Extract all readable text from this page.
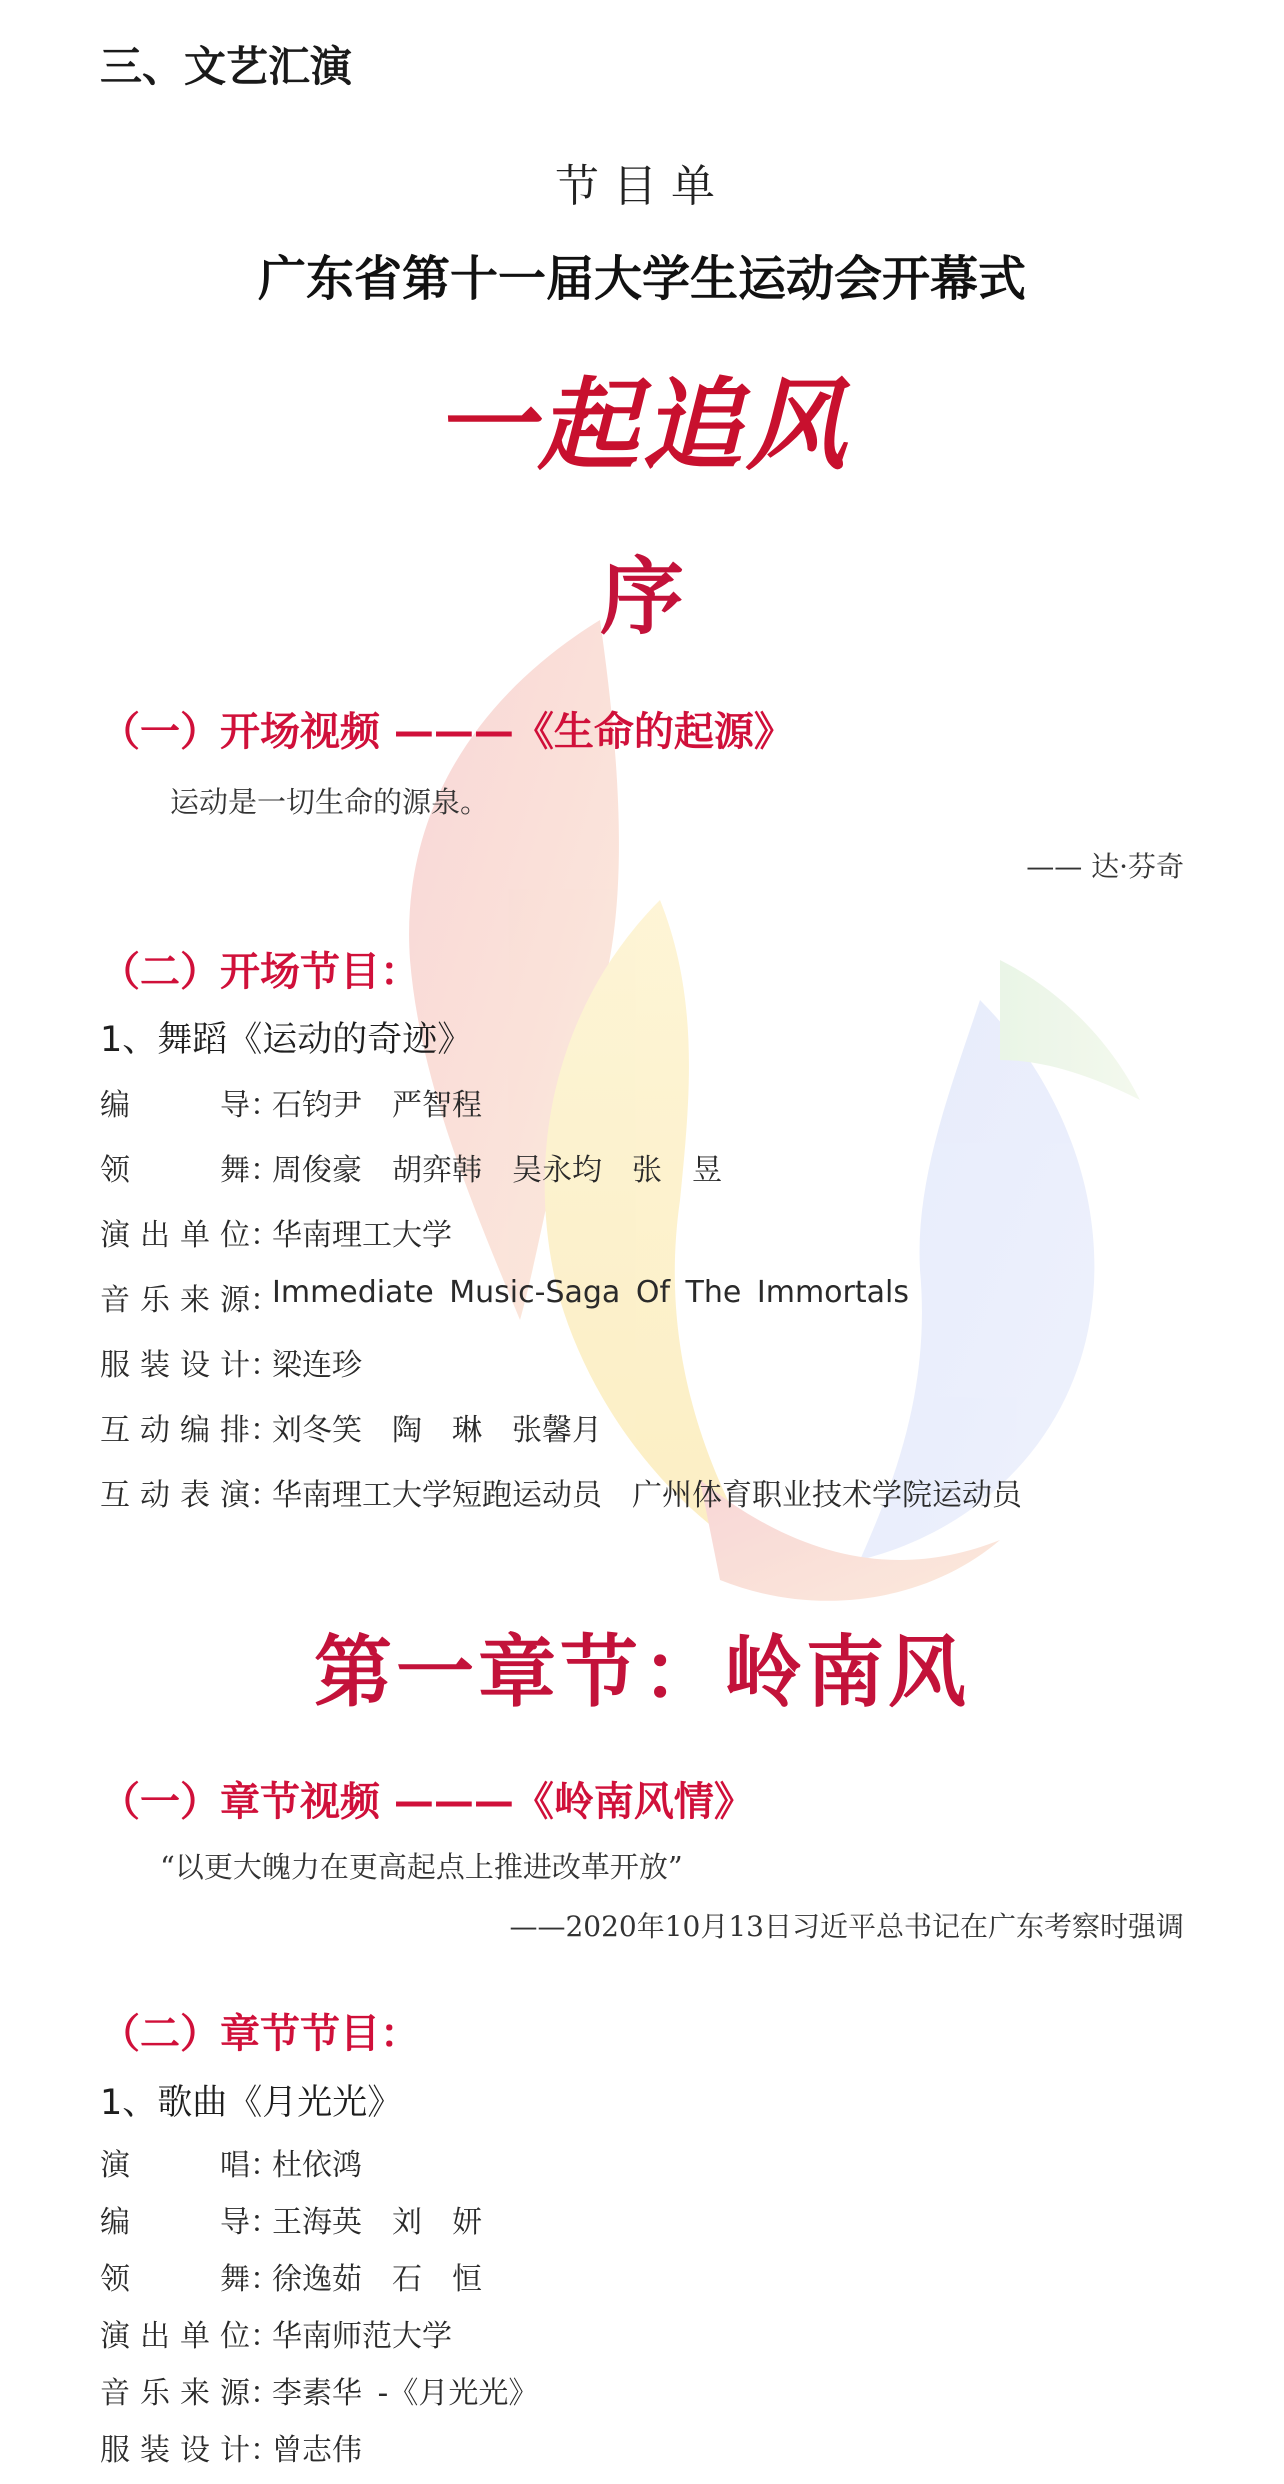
三、文艺汇演
节目单
广东省第十一届大学生运动会开幕式
一起追风
序
（一）开场视频 ———《生命的起源》
运动是一切生命的源泉。
—— 达·芬奇
（二）开场节目：
1、舞蹈《运动的奇迹》
编导 ：
石钧尹　严智程
领舞 ：
周俊豪　胡弈韩　吴永均　张　昱
演出单位 ：
华南理工大学
音乐来源 ：
Immediate Music-Saga Of The Immortals
服装设计 ：
梁连珍
互动编排 ：
刘冬笑　陶　琳　张馨月
互动表演 ：
华南理工大学短跑运动员　广州体育职业技术学院运动员
第一章节：岭南风
（一）章节视频 ———《岭南风情》
“以更大魄力在更高起点上推进改革开放”
——2020年10月13日习近平总书记在广东考察时强调
（二）章节节目：
1、歌曲《月光光》
演唱 ：
杜依鸿
编导 ：
王海英　刘　妍
领舞 ：
徐逸茹　石　恒
演出单位 ：
华南师范大学
音乐来源 ：
李素华 -《月光光》
服装设计 ：
曾志伟
